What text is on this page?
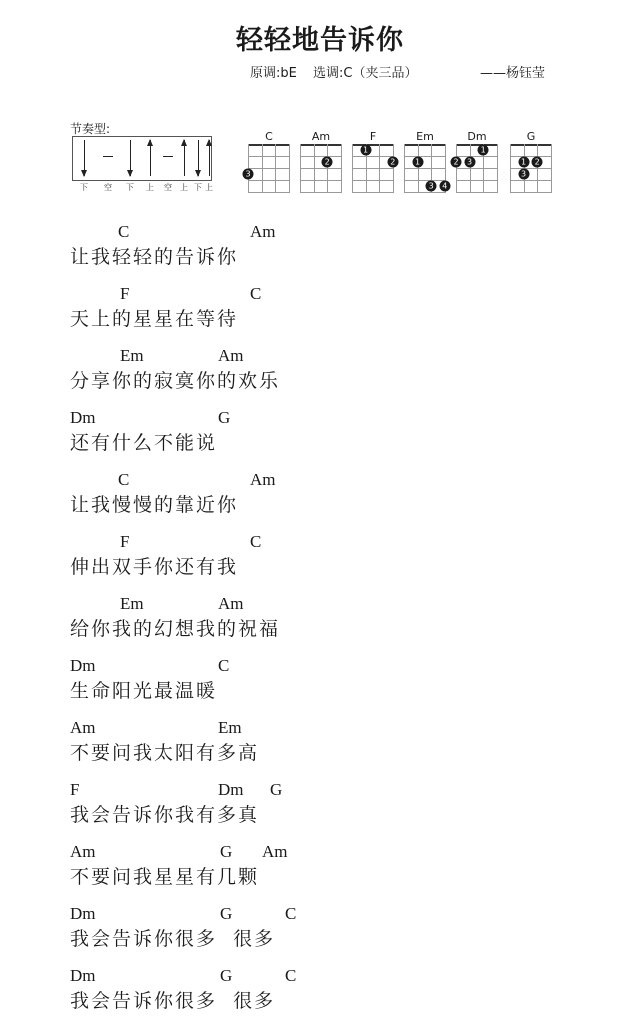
轻轻地告诉你
原调:bE 选调:C（夹三品）	——杨钰莹
节奏型:
下 空 下 上 空 上 下 上
C
3
Am
2
F
1
2
Em
1
3	4
Dm
2	3
1
G
1	2
3
C	Am
让我轻轻的告诉你
F	C
天上的星星在等待
Em	Am
分享你的寂寞你的欢乐
Dm	G
还有什么不能说
C	Am
让我慢慢的靠近你
F	C
伸出双手你还有我
Em	Am
给你我的幻想我的祝福
Dm	C
生命阳光最温暖
Am	Em
不要问我太阳有多高
F	Dm G
我会告诉你我有多真
Am	G Am
不要问我星星有几颗
Dm	G	C
我会告诉你很多  很多
Dm	G	C
我会告诉你很多  很多
